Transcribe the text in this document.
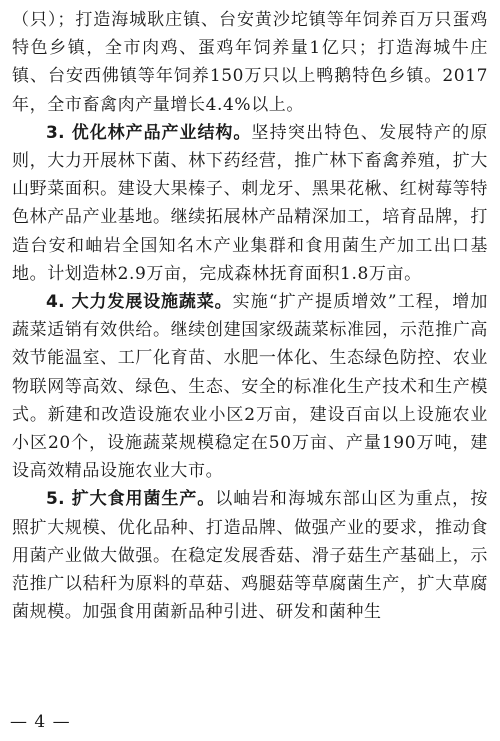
（只）；打造海城耿庄镇、台安黄沙坨镇等年饲养百万只蛋鸡特色乡镇，全市肉鸡、蛋鸡年饲养量1亿只；打造海城牛庄镇、台安西佛镇等年饲养150万只以上鸭鹅特色乡镇。2017年，全市畜禽肉产量增长4.4%以上。

3. 优化林产品产业结构。坚持突出特色、发展特产的原则，大力开展林下菌、林下药经营，推广林下畜禽养殖，扩大山野菜面积。建设大果榛子、刺龙牙、黑果花楸、红树莓等特色林产品产业基地。继续拓展林产品精深加工，培育品牌，打造台安和岫岩全国知名木产业集群和食用菌生产加工出口基地。计划造林2.9万亩，完成森林抚育面积1.8万亩。

4. 大力发展设施蔬菜。实施“扩产提质增效”工程，增加蔬菜适销有效供给。继续创建国家级蔬菜标准园，示范推广高效节能温室、工厂化育苗、水肥一体化、生态绿色防控、农业物联网等高效、绿色、生态、安全的标准化生产技术和生产模式。新建和改造设施农业小区2万亩，建设百亩以上设施农业小区20个，设施蔬菜规模稳定在50万亩、产量190万吨，建设高效精品设施农业大市。

5. 扩大食用菌生产。以岫岩和海城东部山区为重点，按照扩大规模、优化品种、打造品牌、做强产业的要求，推动食用菌产业做大做强。在稳定发展香菇、滑子菇生产基础上，示范推广以秸秆为原料的草菇、鸡腿菇等草腐菌生产，扩大草腐菌规模。加强食用菌新品种引进、研发和菌种生

— 4 —
